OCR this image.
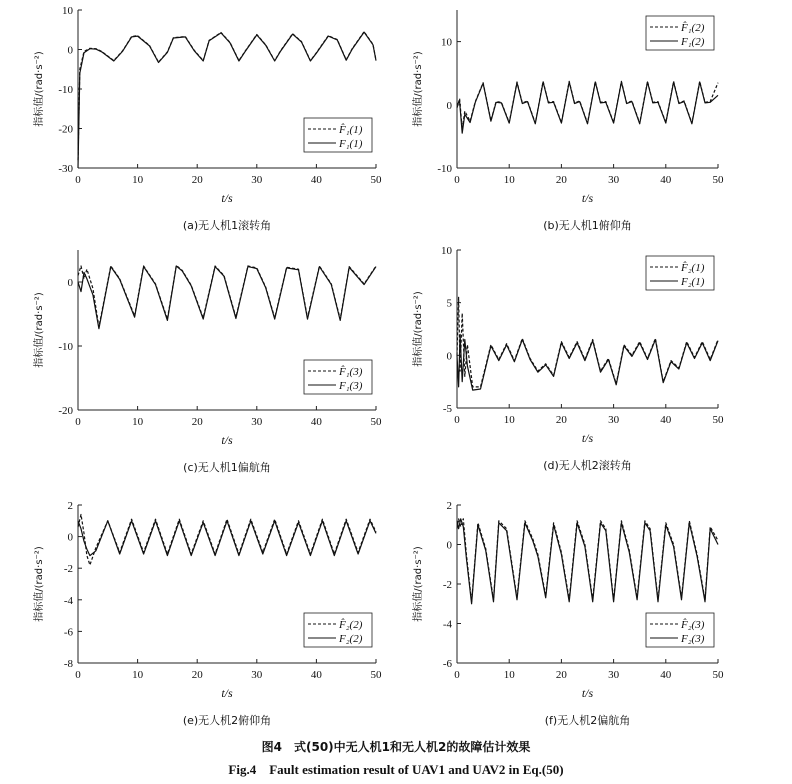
0	10	20	30	40	50
-30
-20
-10
0
10
t/s
指标值/(rad·s⁻²)
(a)无人机1滚转角
F̂₁(1)
F₁(1)
0	10	20	30	40	50
-10
0
10
t/s
指标值/(rad·s⁻²)
(b)无人机1俯仰角
F̂₁(2)
F₁(2)
0	10	20	30	40	50
-20
-10
0
t/s
指标值/(rad·s⁻²)
(c)无人机1偏航角
F̂₁(3)
F₁(3)
0	10	20	30	40	50
-5
0
5
10
t/s
指标值/(rad·s⁻²)
(d)无人机2滚转角
F̂₂(1)
F₂(1)
0	10	20	30	40	50
-8
-6
-4
-2
0
2
t/s
指标值/(rad·s⁻²)
(e)无人机2俯仰角
F̂₂(2)
F₂(2)
0	10	20	30	40	50
-6
-4
-2
0
2
t/s
指标值/(rad·s⁻²)
(f)无人机2偏航角
F̂₂(3)
F₂(3)
图4　式(50)中无人机1和无人机2的故障估计效果
Fig.4　Fault estimation result of UAV1 and UAV2 in Eq.(50)
